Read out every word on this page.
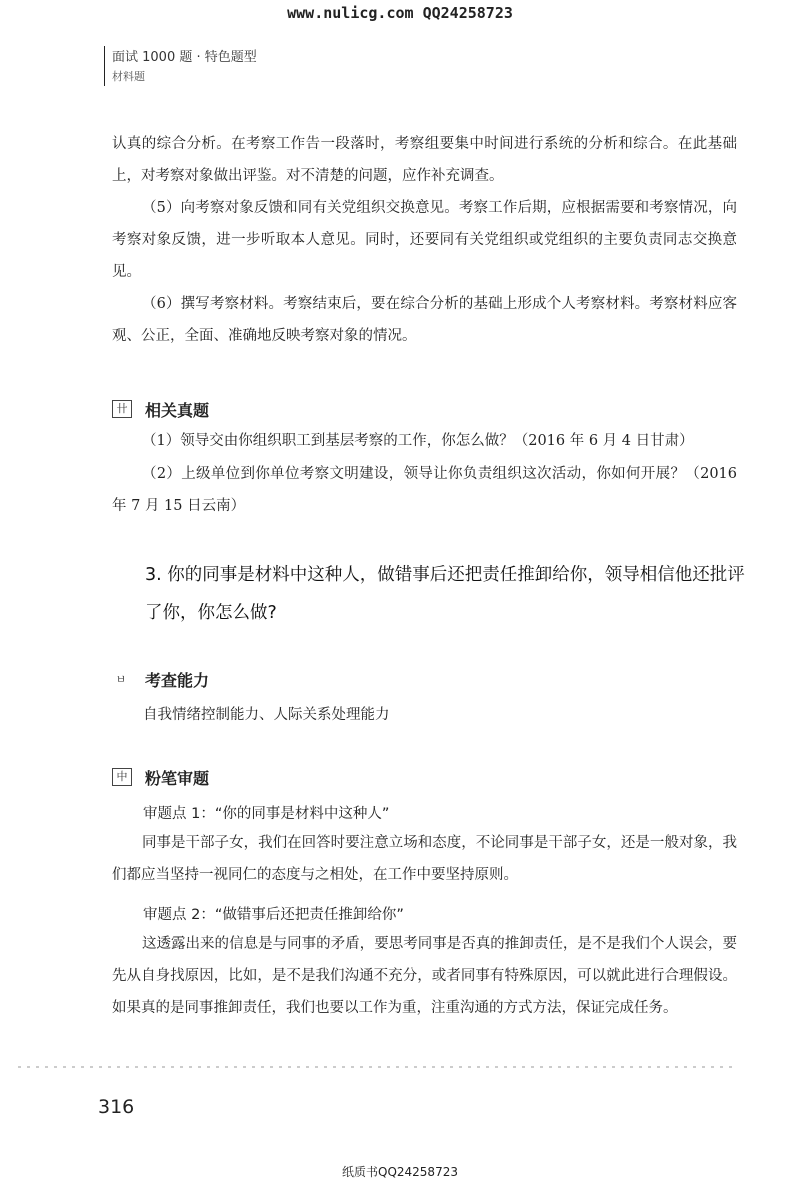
www.nulicg.com QQ24258723
面试 1000 题 · 特色题型
材料题
认真的综合分析。在考察工作告一段落时，考察组要集中时间进行系统的分析和综合。在此基础上，对考察对象做出评鉴。对不清楚的问题，应作补充调查。
（5）向考察对象反馈和同有关党组织交换意见。考察工作后期，应根据需要和考察情况，向考察对象反馈，进一步听取本人意见。同时，还要同有关党组织或党组织的主要负责同志交换意见。
（6）撰写考察材料。考察结束后，要在综合分析的基础上形成个人考察材料。考察材料应客观、公正，全面、准确地反映考察对象的情况。
卄 相关真题
（1）领导交由你组织职工到基层考察的工作，你怎么做？（2016 年 6 月 4 日甘肃）
（2）上级单位到你单位考察文明建设，领导让你负责组织这次活动，你如何开展？（2016 年 7 月 15 日云南）
3. 你的同事是材料中这种人，做错事后还把责任推卸给你，领导相信他还批评了你，你怎么做?
ㅂ 考查能力
自我情绪控制能力、人际关系处理能力
中 粉笔审题
审题点 1：“你的同事是材料中这种人”
同事是干部子女，我们在回答时要注意立场和态度，不论同事是干部子女，还是一般对象，我们都应当坚持一视同仁的态度与之相处，在工作中要坚持原则。
审题点 2：“做错事后还把责任推卸给你”
这透露出来的信息是与同事的矛盾，要思考同事是否真的推卸责任，是不是我们个人误会，要先从自身找原因，比如，是不是我们沟通不充分，或者同事有特殊原因，可以就此进行合理假设。如果真的是同事推卸责任，我们也要以工作为重，注重沟通的方式方法，保证完成任务。
316
纸质书QQ24258723
